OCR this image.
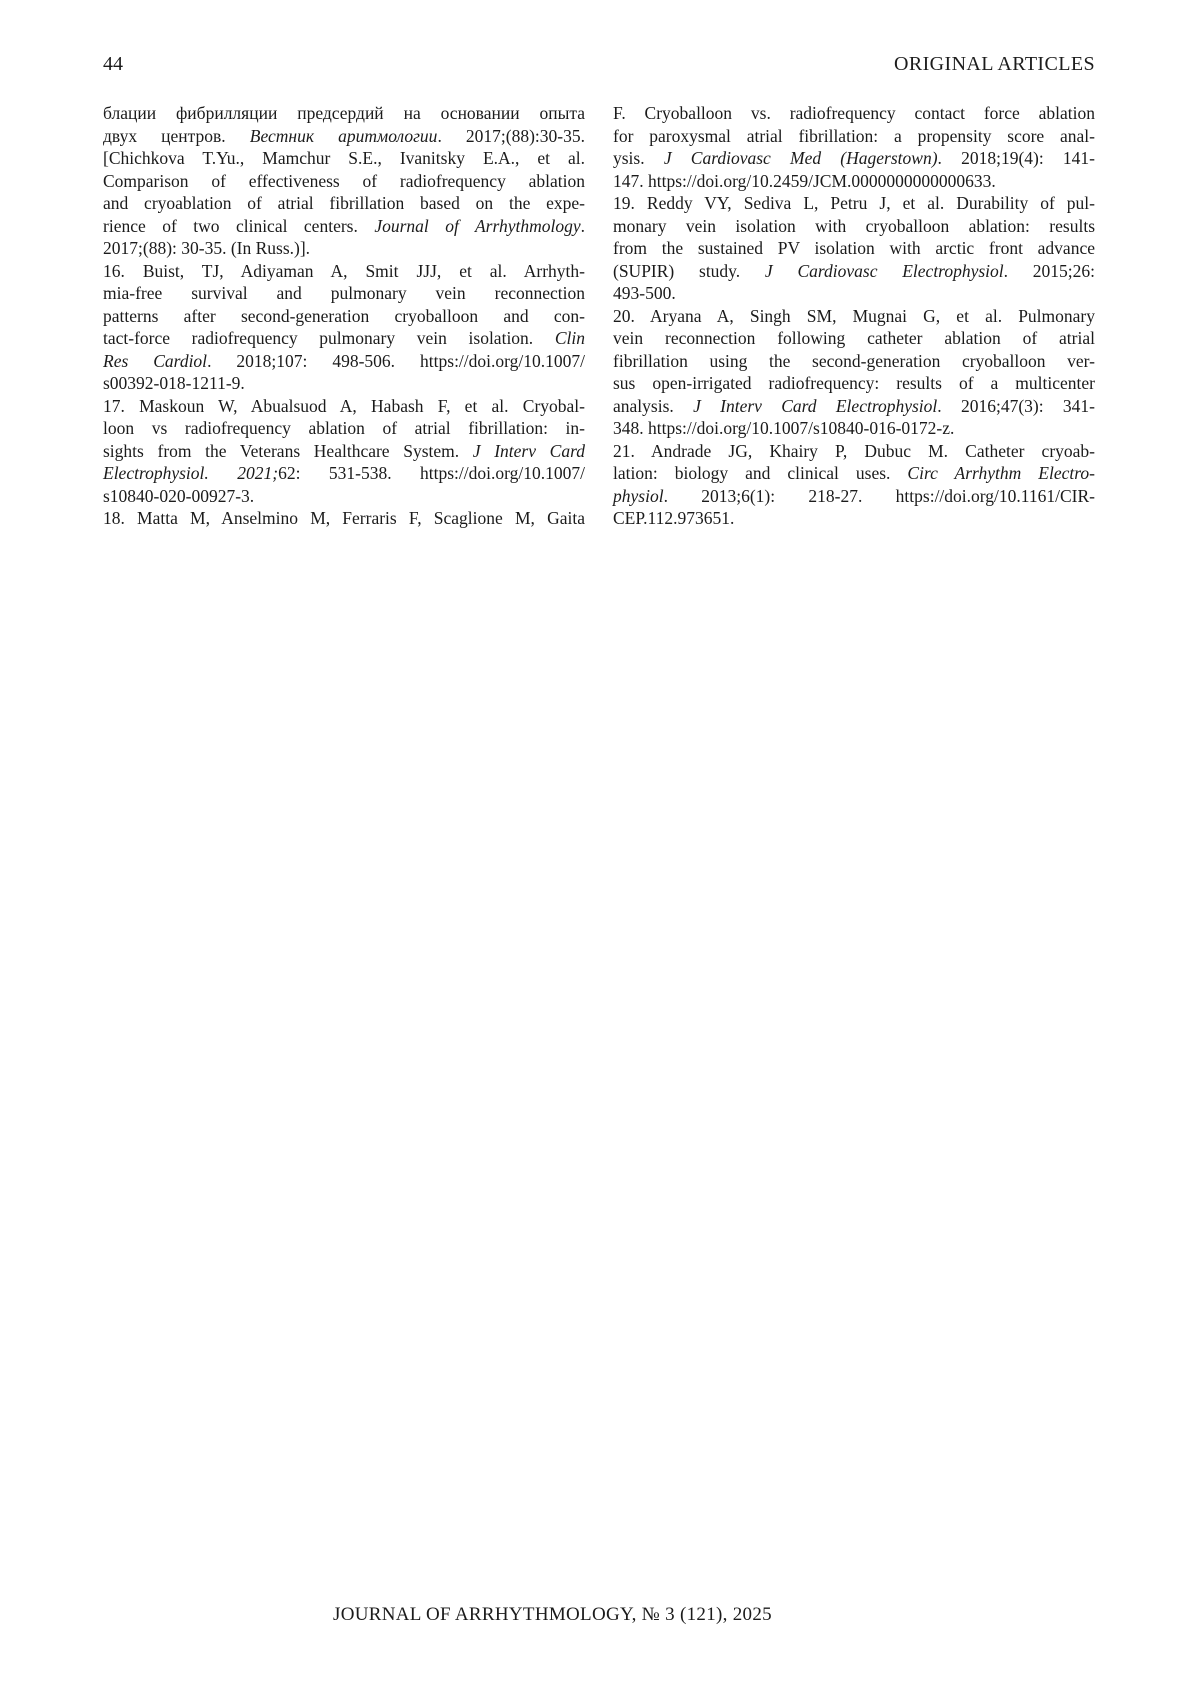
44	ORIGINAL ARTICLES
блации фибрилляции предсердий на основании опыта
двух центров. Вестник аритмологии. 2017;(88):30-35.
[Chichkova T.Yu., Mamchur S.E., Ivanitsky E.A., et al.
Comparison of effectiveness of radiofrequency ablation
and cryoablation of atrial fibrillation based on the expe-
rience of two clinical centers. Journal of Arrhythmology.
2017;(88): 30-35. (In Russ.)].
16. Buist, TJ, Adiyaman A, Smit JJJ, et al. Arrhyth-
mia-free survival and pulmonary vein reconnection
patterns after second-generation cryoballoon and con-
tact-force radiofrequency pulmonary vein isolation. Clin
Res Cardiol. 2018;107: 498-506. https://doi.org/10.1007/
s00392-018-1211-9.
17. Maskoun W, Abualsuod A, Habash F, et al. Cryobal-
loon vs radiofrequency ablation of atrial fibrillation: in-
sights from the Veterans Healthcare System. J Interv Card
Electrophysiol. 2021;62: 531-538. https://doi.org/10.1007/
s10840-020-00927-3.
18. Matta M, Anselmino M, Ferraris F, Scaglione M, Gaita
F. Cryoballoon vs. radiofrequency contact force ablation
for paroxysmal atrial fibrillation: a propensity score anal-
ysis. J Cardiovasc Med (Hagerstown). 2018;19(4): 141-
147. https://doi.org/10.2459/JCM.0000000000000633.
19. Reddy VY, Sediva L, Petru J, et al. Durability of pul-
monary vein isolation with cryoballoon ablation: results
from the sustained PV isolation with arctic front advance
(SUPIR) study. J Cardiovasc Electrophysiol. 2015;26:
493-500.
20. Aryana A, Singh SM, Mugnai G, et al. Pulmonary
vein reconnection following catheter ablation of atrial
fibrillation using the second-generation cryoballoon ver-
sus open-irrigated radiofrequency: results of a multicenter
analysis. J Interv Card Electrophysiol. 2016;47(3): 341-
348. https://doi.org/10.1007/s10840-016-0172-z.
21. Andrade JG, Khairy P, Dubuc M. Catheter cryoab-
lation: biology and clinical uses. Circ Arrhythm Electro-
physiol. 2013;6(1): 218-27. https://doi.org/10.1161/CIR-
CEP.112.973651.
JOURNAL OF ARRHYTHMOLOGY, № 3 (121), 2025
